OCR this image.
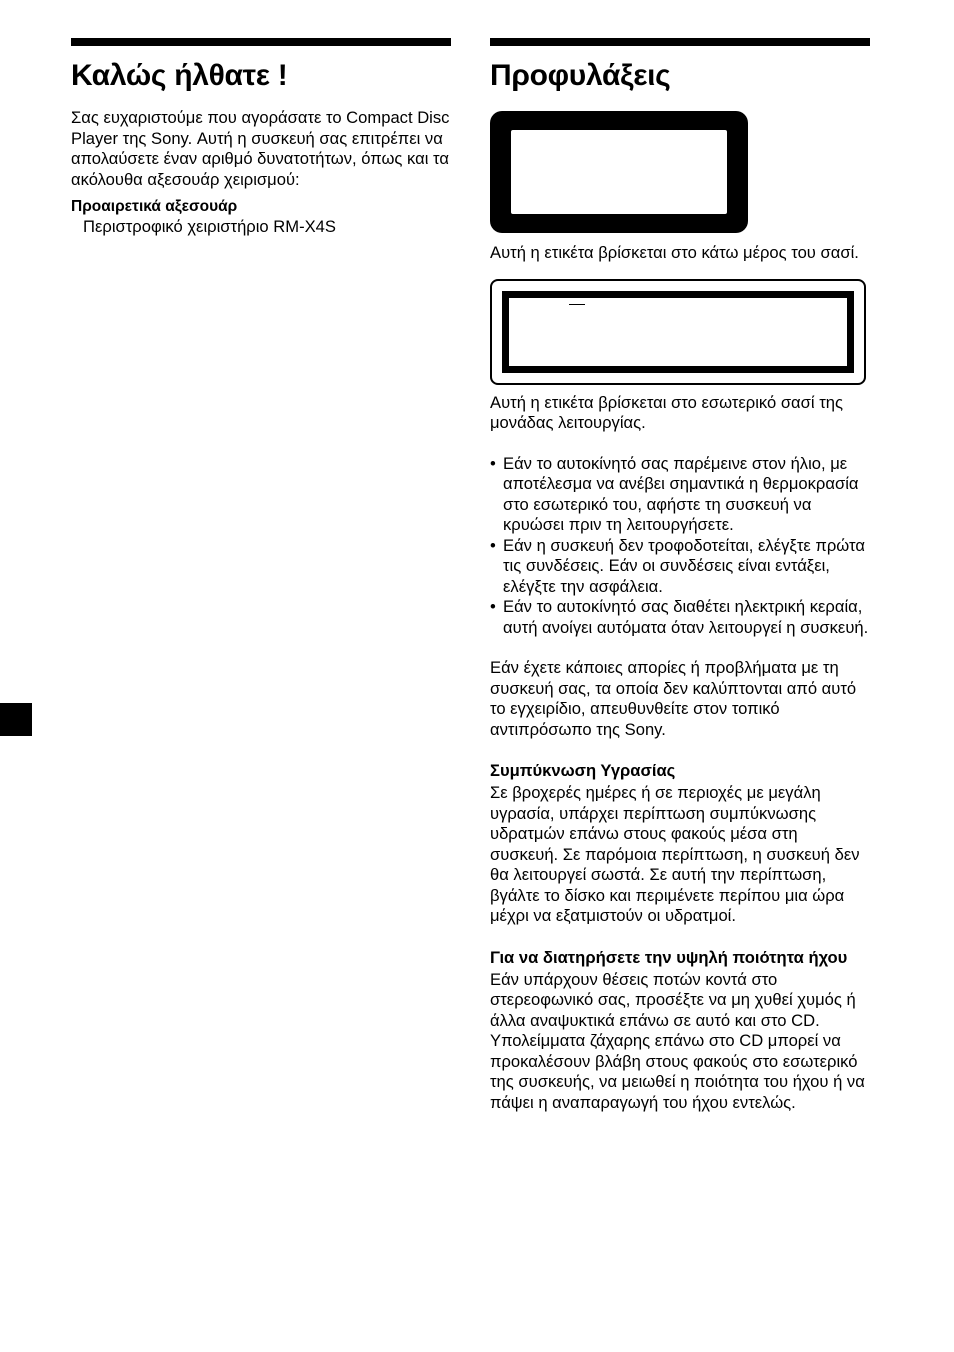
Καλώς ήλθατε !

Σας ευχαριστούμε που αγοράσατε το Compact Disc Player της Sony. Αυτή η συσκευή σας επιτρέπει να απολαύσετε έναν αριθμό δυνατοτήτων, όπως και τα ακόλουθα αξεσουάρ χειρισμού:

Προαιρετικά αξεσουάρ

Περιστροφικό χειριστήριο RM-X4S

Προφυλάξεις

Αυτή η ετικέτα βρίσκεται στο κάτω μέρος του σασί.

Αυτή η ετικέτα βρίσκεται στο εσωτερικό σασί της μονάδας λειτουργίας.

• Εάν το αυτοκίνητό σας παρέμεινε στον ήλιο, με αποτέλεσμα να ανέβει σημαντικά η θερμοκρασία στο εσωτερικό του, αφήστε τη συσκευή να κρυώσει πριν τη λειτουργήσετε.
• Εάν η συσκευή δεν τροφοδοτείται, ελέγξτε πρώτα τις συνδέσεις. Εάν οι συνδέσεις είναι εντάξει, ελέγξτε την ασφάλεια.
• Εάν το αυτοκίνητό σας διαθέτει ηλεκτρική κεραία, αυτή ανοίγει αυτόματα όταν λειτουργεί η συσκευή.

Εάν έχετε κάποιες απορίες ή προβλήματα με τη συσκευή σας, τα οποία δεν καλύπτονται από αυτό το εγχειρίδιο, απευθυνθείτε στον τοπικό αντιπρόσωπο της Sony.

Συμπύκνωση Υγρασίας

Σε βροχερές ημέρες ή σε περιοχές με μεγάλη υγρασία, υπάρχει περίπτωση συμπύκνωσης υδρατμών επάνω στους φακούς μέσα στη συσκευή. Σε παρόμοια περίπτωση, η συσκευή δεν θα λειτουργεί σωστά. Σε αυτή την περίπτωση, βγάλτε το δίσκο και περιμένετε περίπου μια ώρα μέχρι να εξατμιστούν οι υδρατμοί.

Για να διατηρήσετε την υψηλή ποιότητα ήχου

Εάν υπάρχουν θέσεις ποτών κοντά στο στερεοφωνικό σας, προσέξτε να μη χυθεί χυμός ή άλλα αναψυκτικά επάνω σε αυτό και στο CD. Υπολείμματα ζάχαρης επάνω στο CD μπορεί να προκαλέσουν βλάβη στους φακούς στο εσωτερικό της συσκευής, να μειωθεί η ποιότητα του ήχου ή να πάψει η αναπαραγωγή του ήχου εντελώς.
